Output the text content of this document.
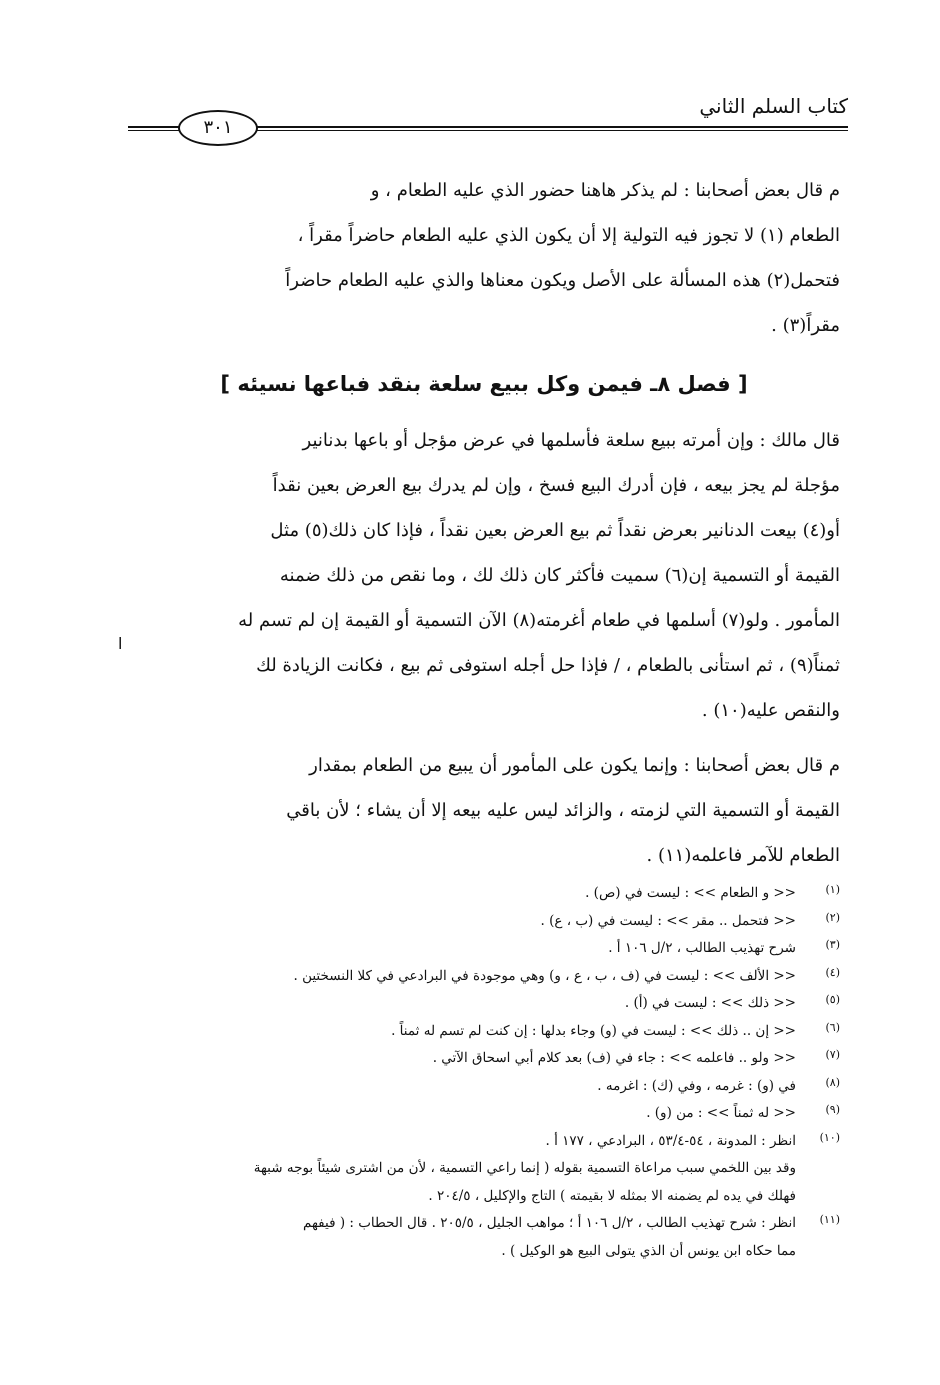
كتاب السلم الثاني
٣٠١
م قال بعض أصحابنا : لم يذكر هاهنا حضور الذي عليه الطعام ، و
الطعام (١) لا تجوز فيه التولية إلا أن يكون الذي عليه الطعام حاضراً مقراً ،
فتحمل(٢) هذه المسألة على الأصل ويكون معناها والذي عليه الطعام حاضراً
مقراً(٣) .
[ فصل ٨ـ فيمن وكل ببيع سلعة بنقد فباعها نسيئه ]
قال مالك : وإن أمرته ببيع سلعة فأسلمها في عرض مؤجل أو باعها بدنانير
مؤجلة لم يجز بيعه ، فإن أدرك البيع فسخ ، وإن لم يدرك بيع العرض بعين نقداً
أو(٤) بيعت الدنانير بعرض نقداً ثم بيع العرض بعين نقداً ، فإذا كان ذلك(٥) مثل
القيمة أو التسمية إن(٦) سميت فأكثر كان ذلك لك ، وما نقص من ذلك ضمنه
المأمور . ولو(٧) أسلمها في طعام أغرمته(٨) الآن التسمية أو القيمة إن لم تسم له
ثمناً(٩) ، ثم استأنى بالطعام ، / فإذا حل أجله استوفى ثم بيع ، فكانت الزيادة لك
والنقص عليه(١٠) .
م قال بعض أصحابنا : وإنما يكون على المأمور أن يبيع من الطعام بمقدار
القيمة أو التسمية التي لزمته ، والزائد ليس عليه بيعه إلا أن يشاء ؛ لأن باقي
الطعام للآمر فاعلمه(١١) .
ا
(١)
<< و الطعام >> : ليست في (ص) .
(٢)
<< فتحمل .. مقر >> : ليست في (ب ، ع) .
(٣)
شرح تهذيب الطالب ، ٢/ل ١٠٦ أ .
(٤)
<< الألف >> : ليست في (ف ، ب ، ع ، و) وهي موجودة في البرادعي في كلا النسختين .
(٥)
<< ذلك >> : ليست في (أ) .
(٦)
<< إن .. ذلك >> : ليست في (و) وجاء بدلها : إن كنت لم تسم له ثمناً .
(٧)
<< ولو .. فاعلمه >> : جاء في (ف) بعد كلام أبي اسحاق الآتي .
(٨)
في (و) : غرمه ، وفي (ك) : اغرمه .
(٩)
<< له ثمناً >> : من (و) .
(١٠)
انظر : المدونة ، ٥٤-٥٣/٤ ، البرادعي ، ١٧٧ أ .
وقد بين اللخمي سبب مراعاة التسمية بقوله ( إنما راعي التسمية ، لأن من اشترى شيئاً بوجه شبهة
فهلك في يده لم يضمنه الا بمثله لا بقيمته ) التاج والإكليل ، ٢٠٤/٥ .
(١١)
انظر : شرح تهذيب الطالب ، ٢/ل ١٠٦ أ ؛ مواهب الجليل ، ٢٠٥/٥ . قال الحطاب : ( فيفهم
مما حكاه ابن يونس أن الذي يتولى البيع هو الوكيل ) .
